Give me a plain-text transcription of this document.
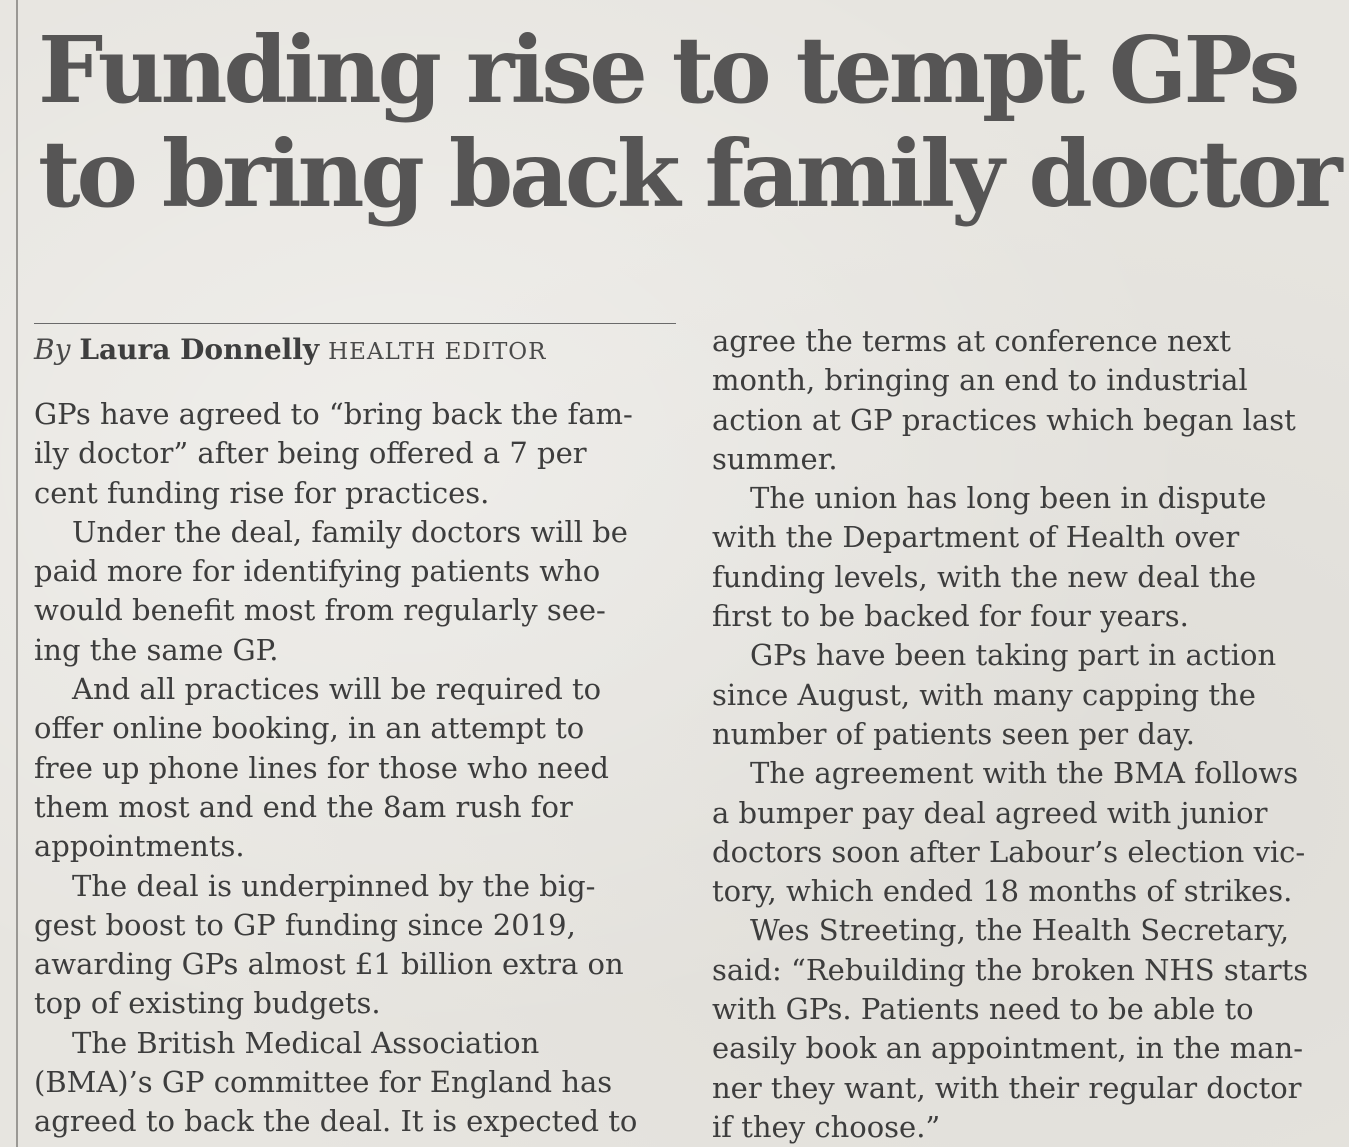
Funding rise to tempt GPs
to bring back family doctor
By Laura Donnelly HEALTH EDITOR
GPs have agreed to “bring back the fam-
ily doctor” after being offered a 7 per
cent funding rise for practices.
Under the deal, family doctors will be
paid more for identifying patients who
would benefit most from regularly see-
ing the same GP.
And all practices will be required to
offer online booking, in an attempt to
free up phone lines for those who need
them most and end the 8am rush for
appointments.
The deal is underpinned by the big-
gest boost to GP funding since 2019,
awarding GPs almost £1 billion extra on
top of existing budgets.
The British Medical Association
(BMA)’s GP committee for England has
agreed to back the deal. It is expected to
agree the terms at conference next
month, bringing an end to industrial
action at GP practices which began last
summer.
The union has long been in dispute
with the Department of Health over
funding levels, with the new deal the
first to be backed for four years.
GPs have been taking part in action
since August, with many capping the
number of patients seen per day.
The agreement with the BMA follows
a bumper pay deal agreed with junior
doctors soon after Labour’s election vic-
tory, which ended 18 months of strikes.
Wes Streeting, the Health Secretary,
said: “Rebuilding the broken NHS starts
with GPs. Patients need to be able to
easily book an appointment, in the man-
ner they want, with their regular doctor
if they choose.”
